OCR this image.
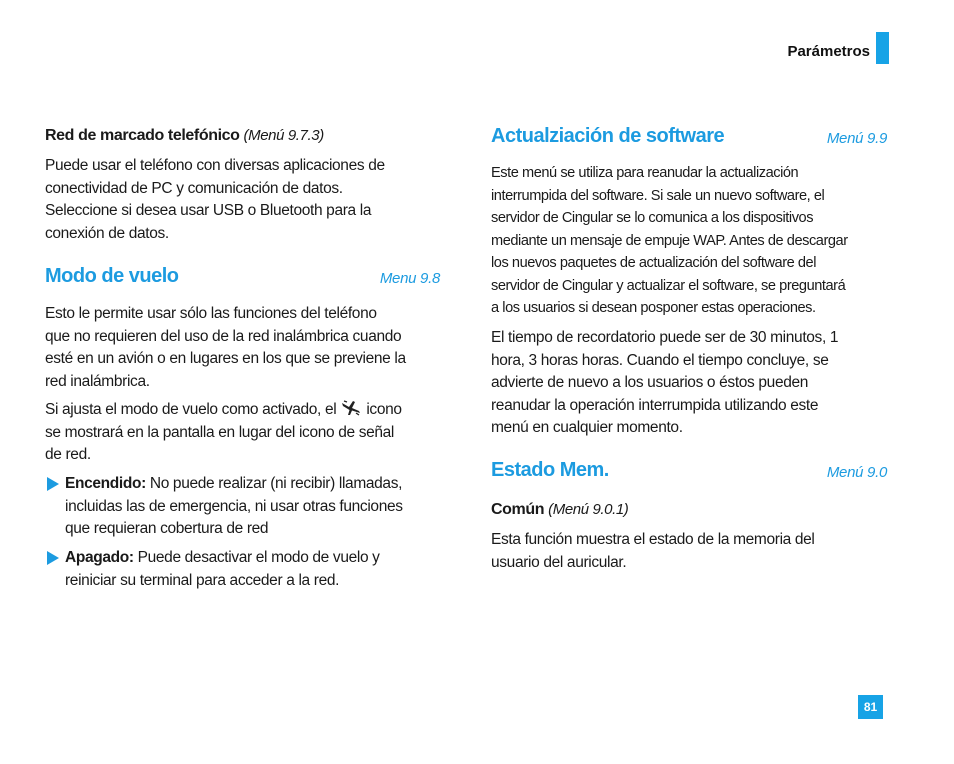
Parámetros
Red de marcado telefónico (Menú 9.7.3)
Puede usar el teléfono con diversas aplicaciones de
conectividad de PC y comunicación de datos.
Seleccione si desea usar USB o Bluetooth para la
conexión de datos.
Modo de vuelo	Menu 9.8
Esto le permite usar sólo las funciones del teléfono
que no requieren del uso de la red inalámbrica cuando
esté en un avión o en lugares en los que se previene la
red inalámbrica.
Si ajusta el modo de vuelo como activado, el icono
se mostrará en la pantalla en lugar del icono de señal
de red.
Encendido: No puede realizar (ni recibir) llamadas,
incluidas las de emergencia, ni usar otras funciones
que requieran cobertura de red
Apagado: Puede desactivar el modo de vuelo y
reiniciar su terminal para acceder a la red.
Actualziación de software	Menú 9.9
Este menú se utiliza para reanudar la actualización
interrumpida del software. Si sale un nuevo software, el
servidor de Cingular se lo comunica a los dispositivos
mediante un mensaje de empuje WAP. Antes de descargar
los nuevos paquetes de actualización del software del
servidor de Cingular y actualizar el software, se preguntará
a los usuarios si desean posponer estas operaciones.
El tiempo de recordatorio puede ser de 30 minutos, 1
hora, 3 horas horas. Cuando el tiempo concluye, se
advierte de nuevo a los usuarios o éstos pueden
reanudar la operación interrumpida utilizando este
menú en cualquier momento.
Estado Mem.	Menú 9.0
Común (Menú 9.0.1)
Esta función muestra el estado de la memoria del
usuario del auricular.
81
